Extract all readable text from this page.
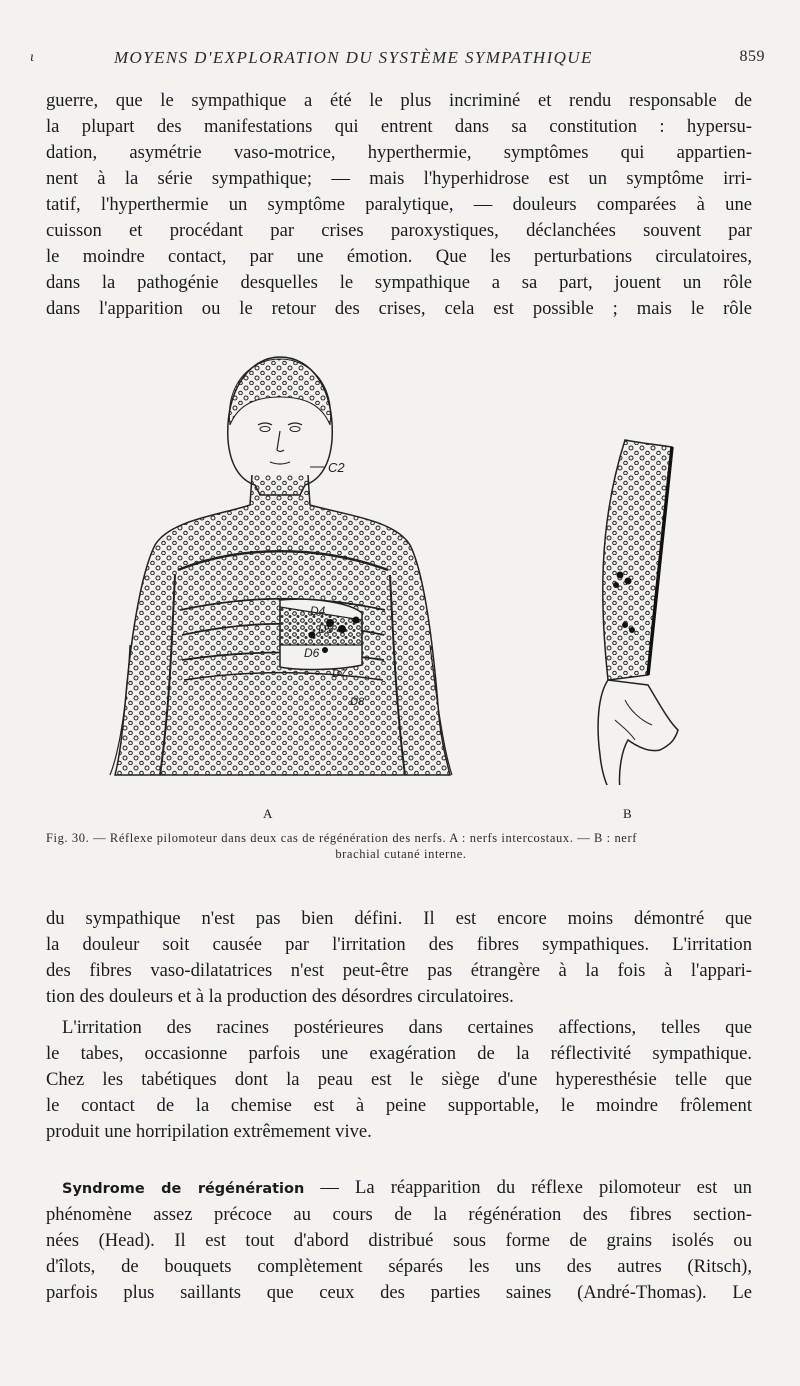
ι	MOYENS D'EXPLORATION DU SYSTÈME SYMPATHIQUE	859
guerre, que le sympathique a été le plus incriminé et rendu responsable de
la plupart des manifestations qui entrent dans sa constitution : hypersu-
dation, asymétrie vaso-motrice, hyperthermie, symptômes qui appartien-
nent à la série sympathique; — mais l'hyperhidrose est un symptôme irri-
tatif, l'hyperthermie un symptôme paralytique, — douleurs comparées à une
cuisson et procédant par crises paroxystiques, déclanchées souvent par
le moindre contact, par une émotion. Que les perturbations circulatoires,
dans la pathogénie desquelles le sympathique a sa part, jouent un rôle
dans l'apparition ou le retour des crises, cela est possible ; mais le rôle
C2
D4
D5
D6
D7
D8
A	B
Fig. 30. — Réflexe pilomoteur dans deux cas de régénération des nerfs. A : nerfs intercostaux. — B : nerf
brachial cutané interne.
du sympathique n'est pas bien défini. Il est encore moins démontré que
la douleur soit causée par l'irritation des fibres sympathiques. L'irritation
des fibres vaso-dilatatrices n'est peut-être pas étrangère à la fois à l'appari-
tion des douleurs et à la production des désordres circulatoires.
L'irritation des racines postérieures dans certaines affections, telles que
le tabes, occasionne parfois une exagération de la réflectivité sympathique.
Chez les tabétiques dont la peau est le siège d'une hyperesthésie telle que
le contact de la chemise est à peine supportable, le moindre frôlement
produit une horripilation extrêmement vive.
Syndrome de régénération — La réapparition du réflexe pilomoteur est un
phénomène assez précoce au cours de la régénération des fibres section-
nées (Head). Il est tout d'abord distribué sous forme de grains isolés ou
d'îlots, de bouquets complètement séparés les uns des autres (Ritsch),
parfois plus saillants que ceux des parties saines (André-Thomas). Le
